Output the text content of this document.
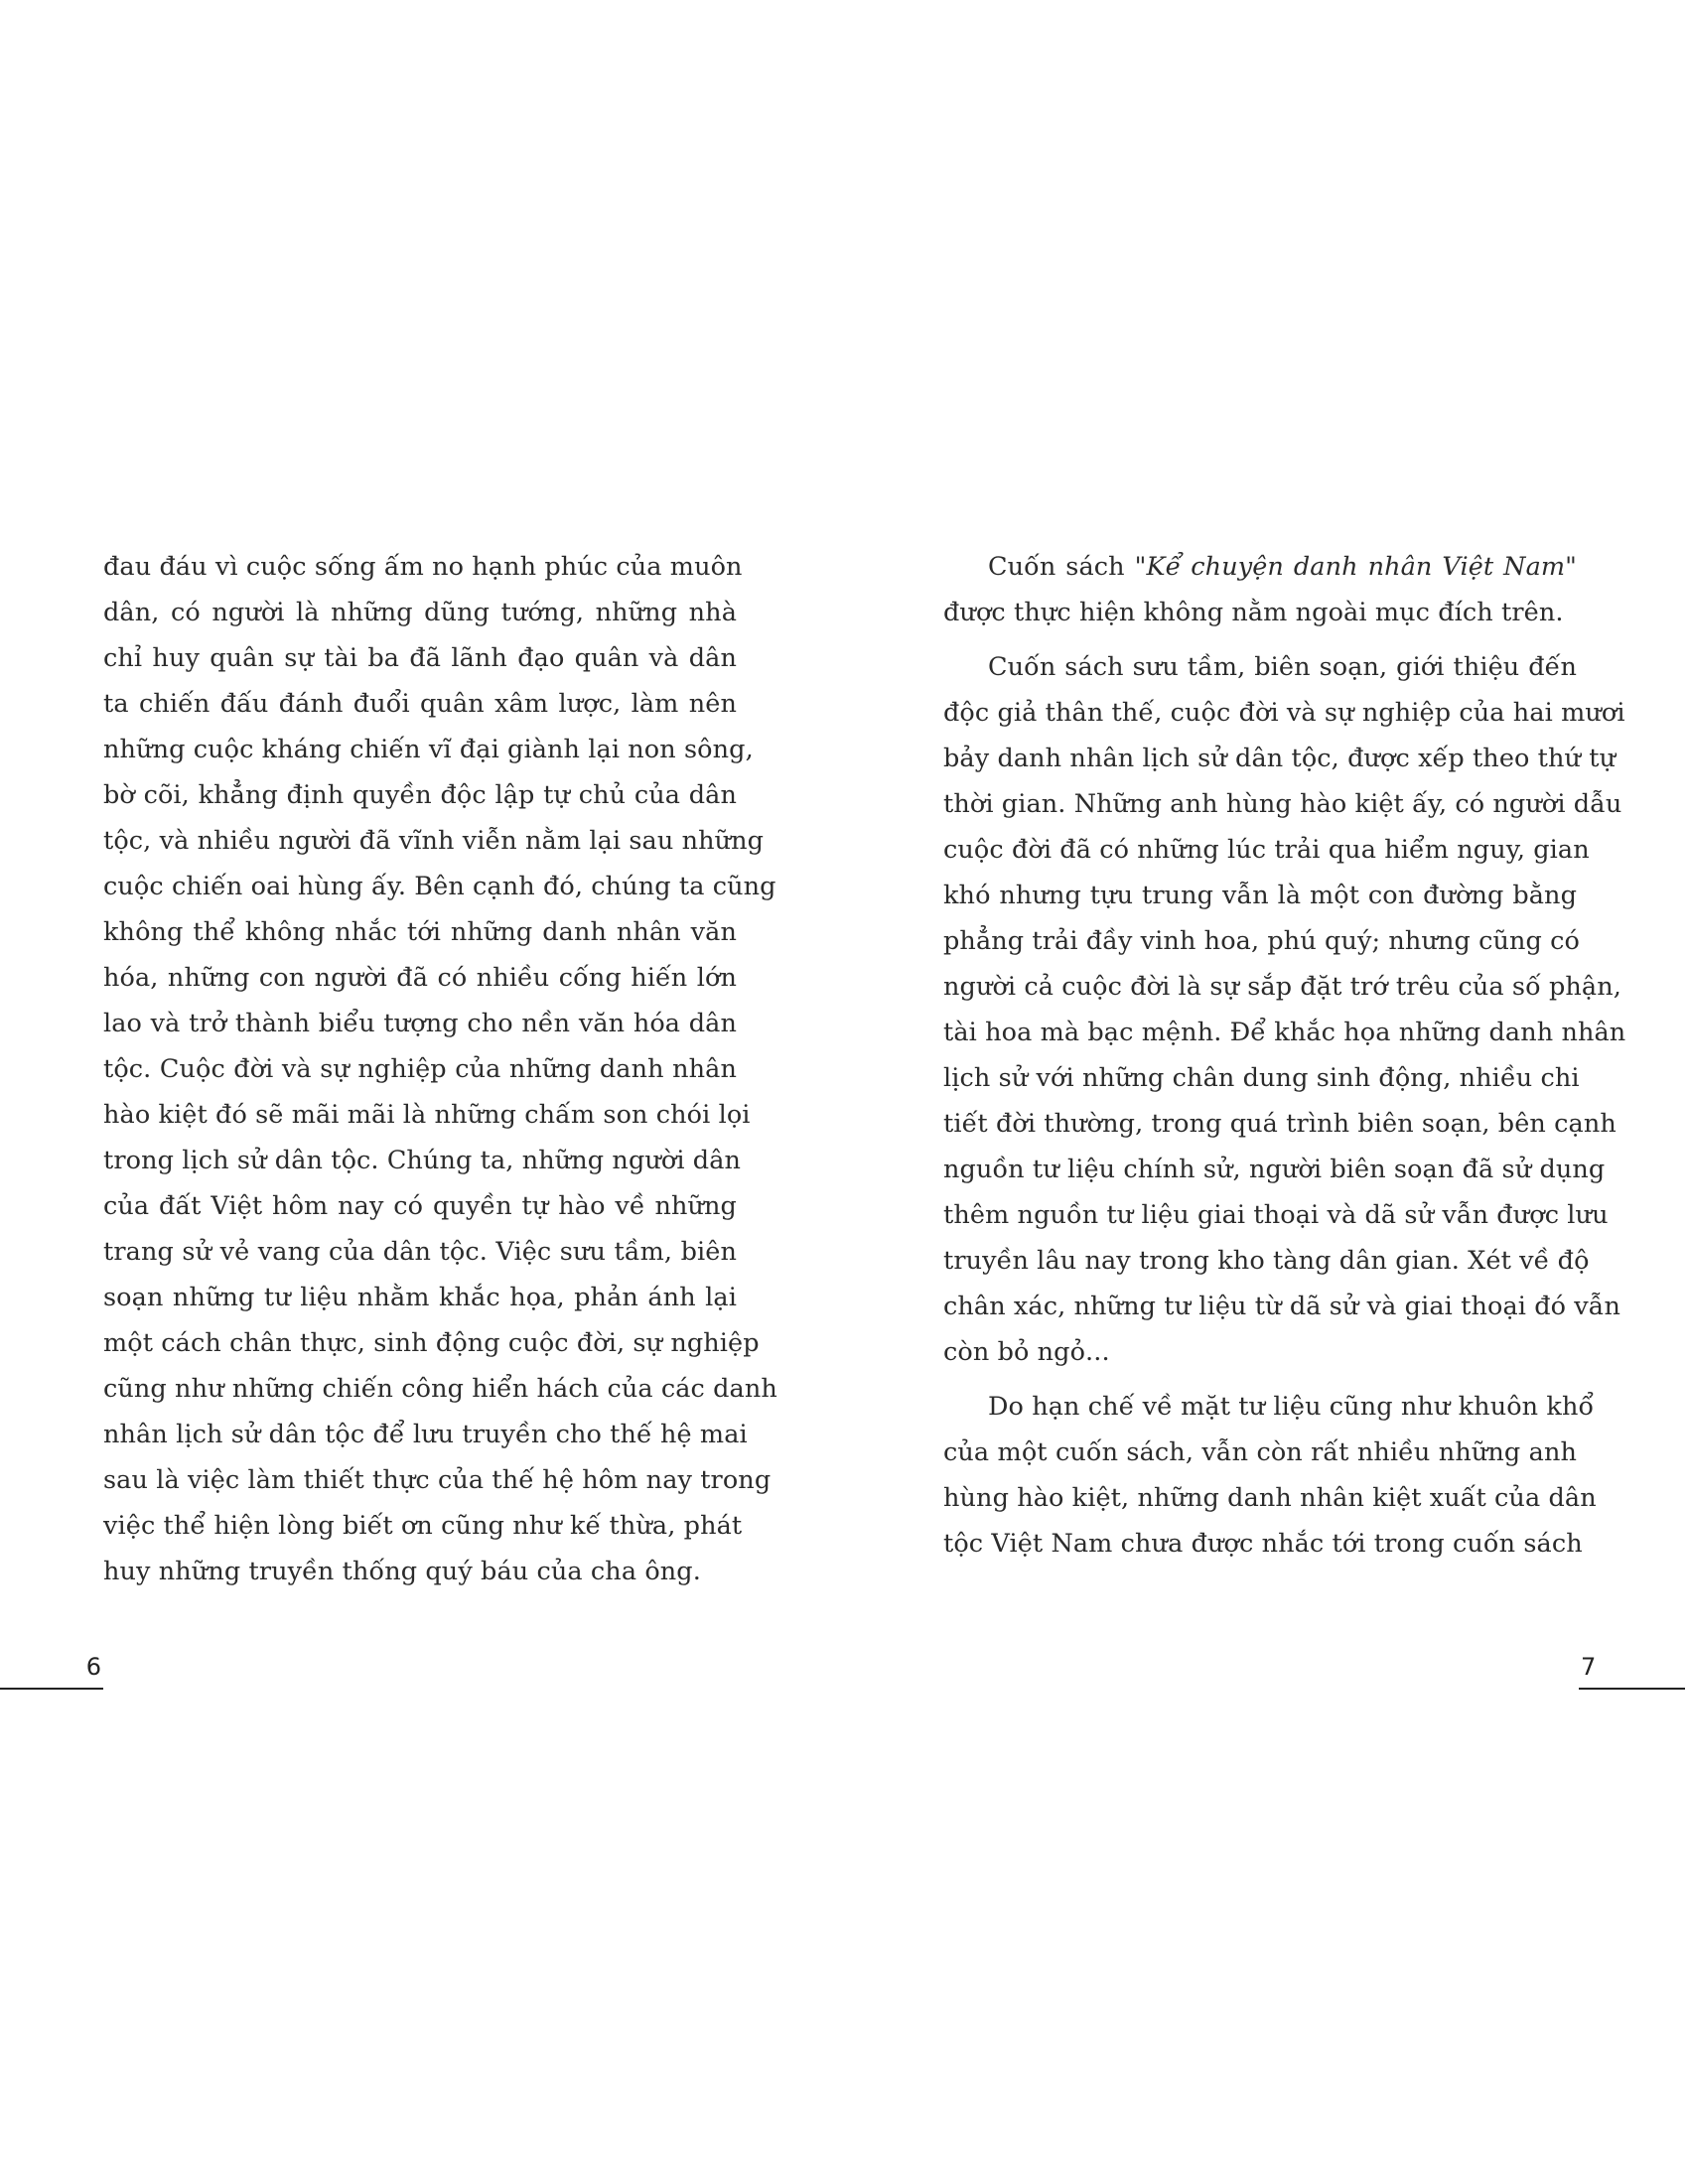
đau đáu vì cuộc sống ấm no hạnh phúc của muôn
dân, có người là những dũng tướng, những nhà
chỉ huy quân sự tài ba đã lãnh đạo quân và dân
ta chiến đấu đánh đuổi quân xâm lược, làm nên
những cuộc kháng chiến vĩ đại giành lại non sông,
bờ cõi, khẳng định quyền độc lập tự chủ của dân
tộc, và nhiều người đã vĩnh viễn nằm lại sau những
cuộc chiến oai hùng ấy. Bên cạnh đó, chúng ta cũng
không thể không nhắc tới những danh nhân văn
hóa, những con người đã có nhiều cống hiến lớn
lao và trở thành biểu tượng cho nền văn hóa dân
tộc. Cuộc đời và sự nghiệp của những danh nhân
hào kiệt đó sẽ mãi mãi là những chấm son chói lọi
trong lịch sử dân tộc. Chúng ta, những người dân
của đất Việt hôm nay có quyền tự hào về những
trang sử vẻ vang của dân tộc. Việc sưu tầm, biên
soạn những tư liệu nhằm khắc họa, phản ánh lại
một cách chân thực, sinh động cuộc đời, sự nghiệp
cũng như những chiến công hiển hách của các danh
nhân lịch sử dân tộc để lưu truyền cho thế hệ mai
sau là việc làm thiết thực của thế hệ hôm nay trong
việc thể hiện lòng biết ơn cũng như kế thừa, phát
huy những truyền thống quý báu của cha ông.
Cuốn sách "Kể chuyện danh nhân Việt Nam"
được thực hiện không nằm ngoài mục đích trên.
Cuốn sách sưu tầm, biên soạn, giới thiệu đến
độc giả thân thế, cuộc đời và sự nghiệp của hai mươi
bảy danh nhân lịch sử dân tộc, được xếp theo thứ tự
thời gian. Những anh hùng hào kiệt ấy, có người dẫu
cuộc đời đã có những lúc trải qua hiểm nguy, gian
khó nhưng tựu trung vẫn là một con đường bằng
phẳng trải đầy vinh hoa, phú quý; nhưng cũng có
người cả cuộc đời là sự sắp đặt trớ trêu của số phận,
tài hoa mà bạc mệnh. Để khắc họa những danh nhân
lịch sử với những chân dung sinh động, nhiều chi
tiết đời thường, trong quá trình biên soạn, bên cạnh
nguồn tư liệu chính sử, người biên soạn đã sử dụng
thêm nguồn tư liệu giai thoại và dã sử vẫn được lưu
truyền lâu nay trong kho tàng dân gian. Xét về độ
chân xác, những tư liệu từ dã sử và giai thoại đó vẫn
còn bỏ ngỏ...
Do hạn chế về mặt tư liệu cũng như khuôn khổ
của một cuốn sách, vẫn còn rất nhiều những anh
hùng hào kiệt, những danh nhân kiệt xuất của dân
tộc Việt Nam chưa được nhắc tới trong cuốn sách
6	7
